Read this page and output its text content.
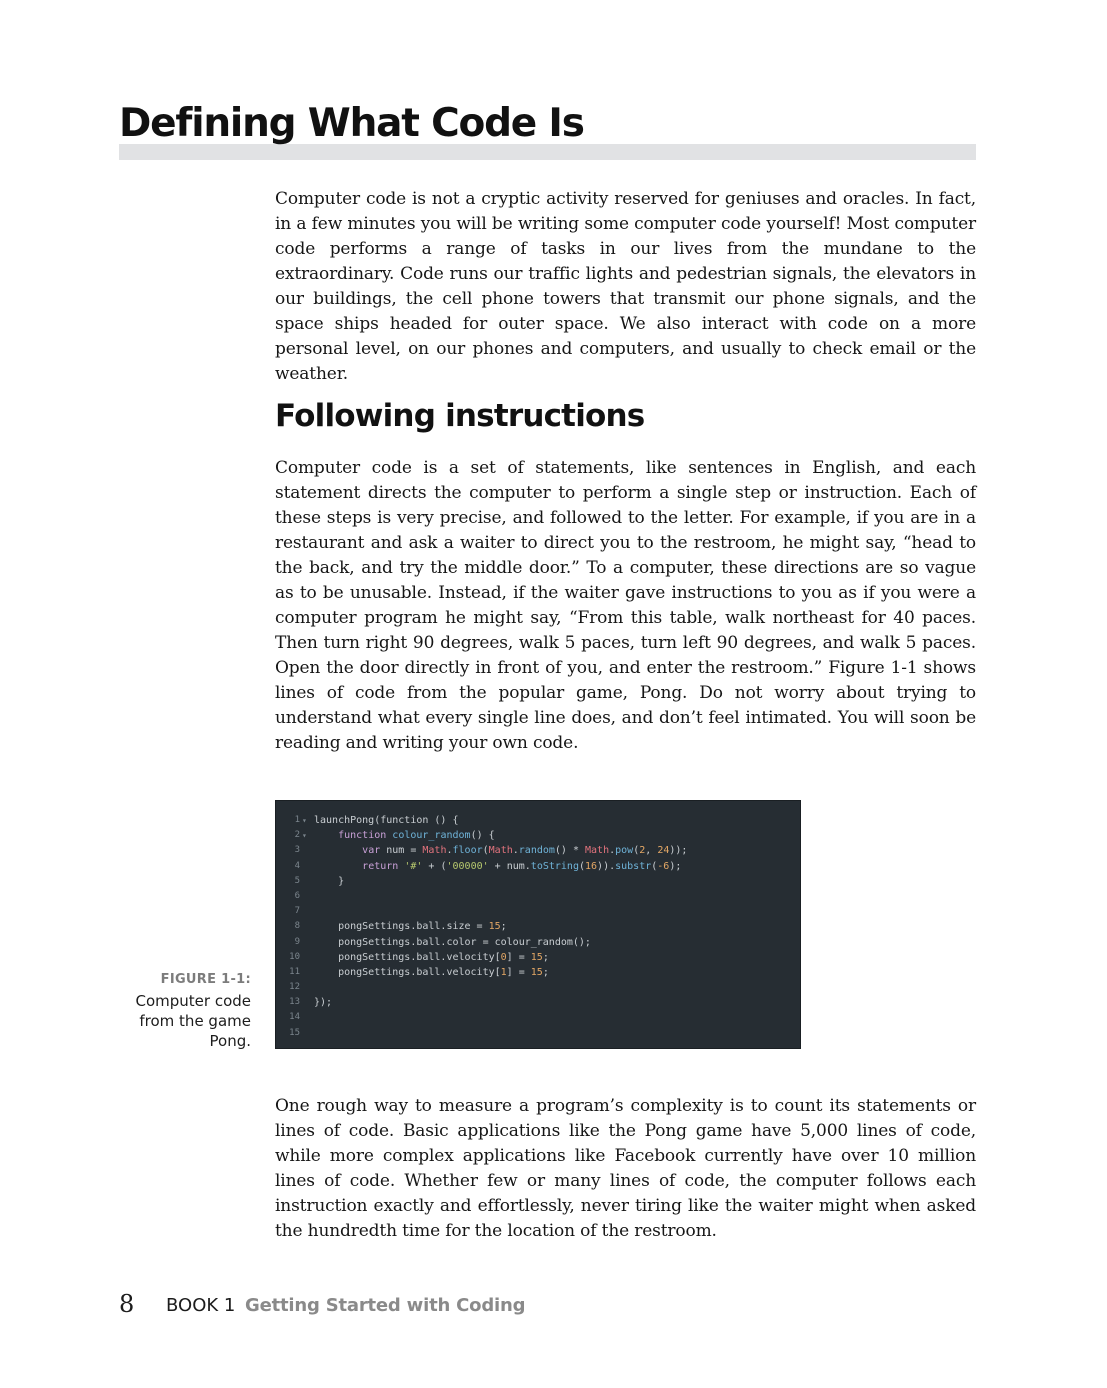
Defining What Code Is

Computer code is not a cryptic activity reserved for geniuses and oracles. In fact, in a few minutes you will be writing some computer code yourself! Most computer code performs a range of tasks in our lives from the mundane to the extraordinary. Code runs our traffic lights and pedestrian signals, the elevators in our buildings, the cell phone towers that transmit our phone signals, and the space ships headed for outer space. We also interact with code on a more personal level, on our phones and computers, and usually to check email or the weather.

Following instructions

Computer code is a set of statements, like sentences in English, and each statement directs the computer to perform a single step or instruction. Each of these steps is very precise, and followed to the letter. For example, if you are in a restaurant and ask a waiter to direct you to the restroom, he might say, “head to the back, and try the middle door.” To a computer, these directions are so vague as to be unusable. Instead, if the waiter gave instructions to you as if you were a computer program he might say, “From this table, walk northeast for 40 paces. Then turn right 90 degrees, walk 5 paces, turn left 90 degrees, and walk 5 paces. Open the door directly in front of you, and enter the restroom.” Figure 1-1 shows lines of code from the popular game, Pong. Do not worry about trying to understand what every single line does, and don’t feel intimated. You will soon be reading and writing your own code.

FIGURE 1-1:
Computer code from the game Pong.
1 ▾ launchPong(function () {
2 ▾	function colour_random() {
3	var num = Math.floor(Math.random() * Math.pow(2, 24));
4	return '#' + ('00000' + num.toString(16)).substr(-6);
5 }
6
7
8 pongSettings.ball.size = 15;
9 pongSettings.ball.color = colour_random();
10 pongSettings.ball.velocity[0] = 15;
11 pongSettings.ball.velocity[1] = 15;
12
13 });
14
15

One rough way to measure a program’s complexity is to count its statements or lines of code. Basic applications like the Pong game have 5,000 lines of code, while more complex applications like Facebook currently have over 10 million lines of code. Whether few or many lines of code, the computer follows each instruction exactly and effortlessly, never tiring like the waiter might when asked the hundredth time for the location of the restroom.

8 BOOK 1 Getting Started with Coding
